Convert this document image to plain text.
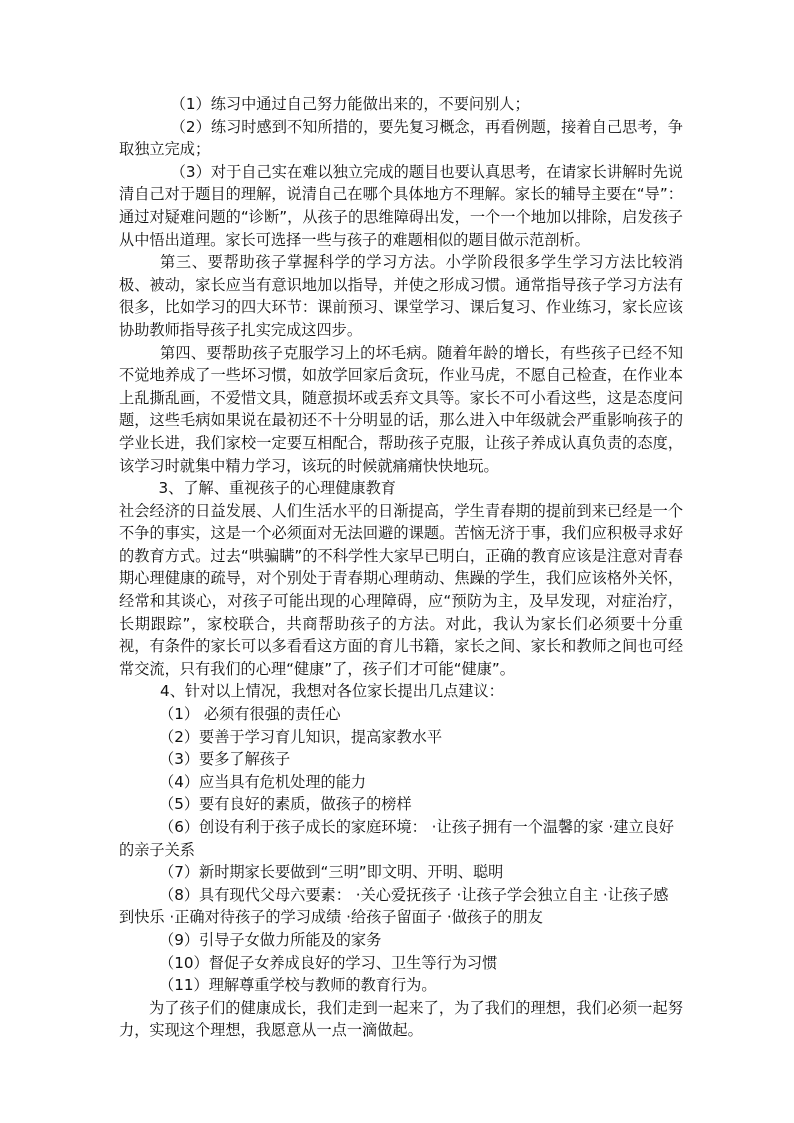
（1）练习中通过自己努力能做出来的，不要问别人；

（2）练习时感到不知所措的，要先复习概念，再看例题，接着自己思考，争取独立完成；

（3）对于自己实在难以独立完成的题目也要认真思考，在请家长讲解时先说清自己对于题目的理解，说清自己在哪个具体地方不理解。家长的辅导主要在“导”：通过对疑难问题的“诊断”，从孩子的思维障碍出发，一个一个地加以排除，启发孩子从中悟出道理。家长可选择一些与孩子的难题相似的题目做示范剖析。

第三、要帮助孩子掌握科学的学习方法。小学阶段很多学生学习方法比较消极、被动，家长应当有意识地加以指导，并使之形成习惯。通常指导孩子学习方法有很多，比如学习的四大环节：课前预习、课堂学习、课后复习、作业练习，家长应该协助教师指导孩子扎实完成这四步。

第四、要帮助孩子克服学习上的坏毛病。随着年龄的增长，有些孩子已经不知不觉地养成了一些坏习惯，如放学回家后贪玩，作业马虎，不愿自己检查，在作业本上乱撕乱画，不爱惜文具，随意损坏或丢弃文具等。家长不可小看这些，这是态度问题，这些毛病如果说在最初还不十分明显的话，那么进入中年级就会严重影响孩子的学业长进，我们家校一定要互相配合，帮助孩子克服，让孩子养成认真负责的态度，该学习时就集中精力学习，该玩的时候就痛痛快快地玩。

3、了解、重视孩子的心理健康教育

社会经济的日益发展、人们生活水平的日渐提高，学生青春期的提前到来已经是一个不争的事实，这是一个必须面对无法回避的课题。苦恼无济于事，我们应积极寻求好的教育方式。过去“哄骗瞒”的不科学性大家早已明白，正确的教育应该是注意对青春期心理健康的疏导，对个别处于青春期心理萌动、焦躁的学生，我们应该格外关怀，经常和其谈心，对孩子可能出现的心理障碍，应“预防为主，及早发现，对症治疗，长期跟踪”，家校联合，共商帮助孩子的方法。对此，我认为家长们必须要十分重视，有条件的家长可以多看看这方面的育儿书籍，家长之间、家长和教师之间也可经常交流，只有我们的心理“健康”了，孩子们才可能“健康”。

4、针对以上情况，我想对各位家长提出几点建议：

（1） 必须有很强的责任心

（2）要善于学习育儿知识，提高家教水平

（3）要多了解孩子

（4）应当具有危机处理的能力

（5）要有良好的素质，做孩子的榜样

（6）创设有利于孩子成长的家庭环境： ·让孩子拥有一个温馨的家 ·建立良好的亲子关系

（7）新时期家长要做到“三明”即文明、开明、聪明

（8）具有现代父母六要素： ·关心爱抚孩子 ·让孩子学会独立自主 ·让孩子感到快乐 ·正确对待孩子的学习成绩 ·给孩子留面子 ·做孩子的朋友

（9）引导子女做力所能及的家务

（10）督促子女养成良好的学习、卫生等行为习惯

（11）理解尊重学校与教师的教育行为。

为了孩子们的健康成长，我们走到一起来了，为了我们的理想，我们必须一起努力，实现这个理想，我愿意从一点一滴做起。
